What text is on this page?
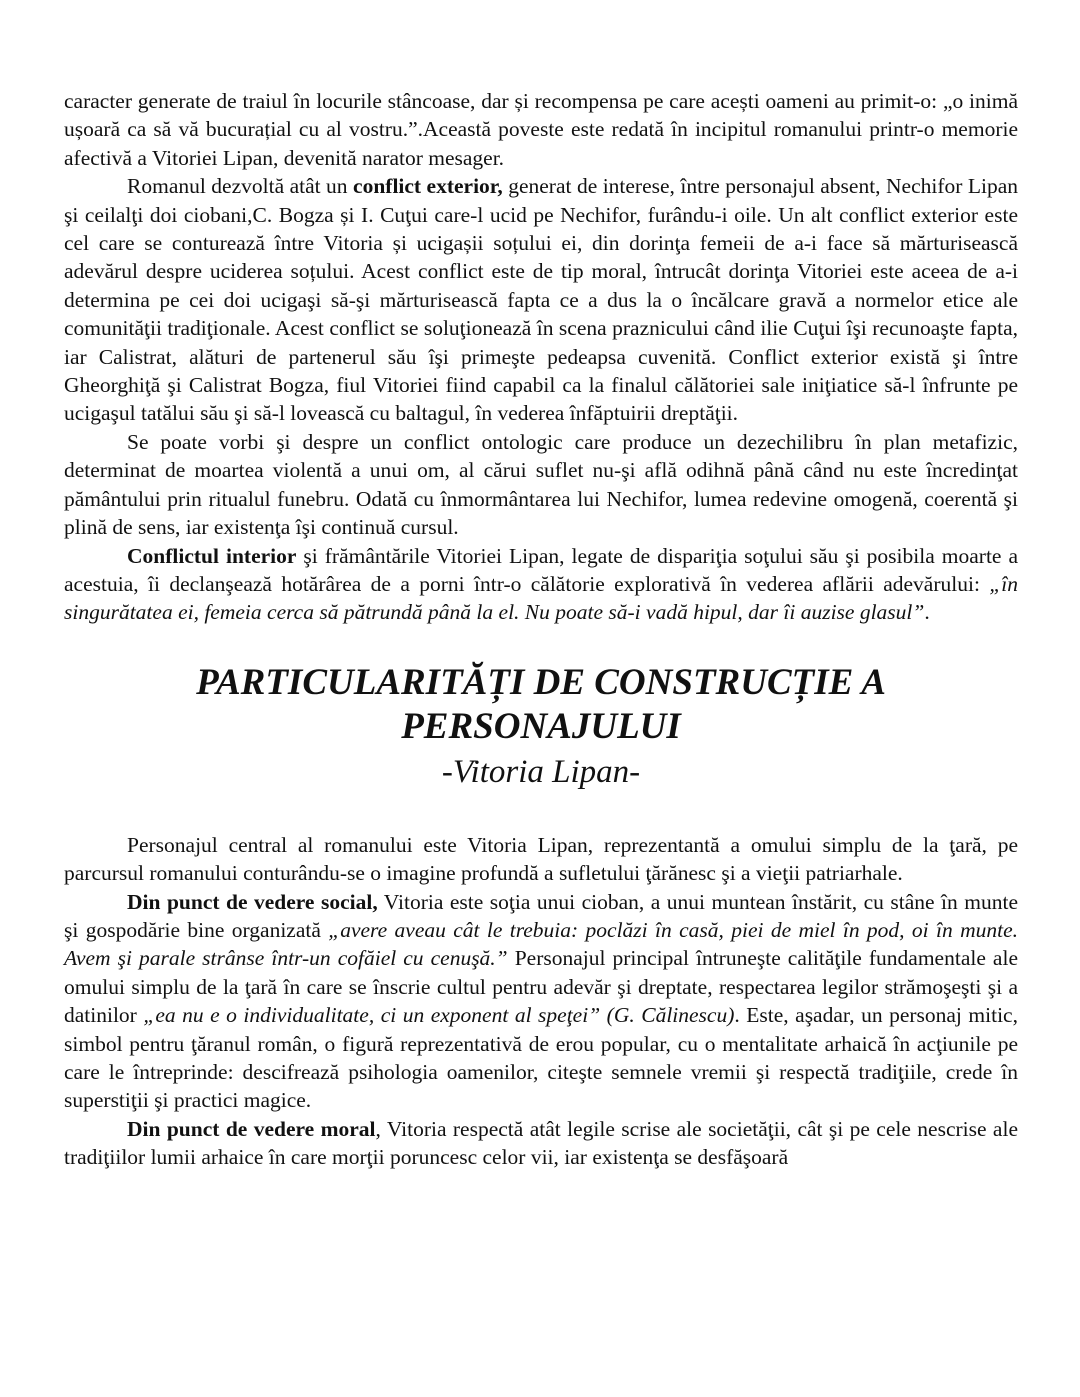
caracter generate de traiul în locurile stâncoase, dar și recompensa pe care acești oameni au primit-o: „o inimă ușoară ca să vă bucurațial cu al vostru.”.Această poveste este redată în incipitul romanului printr-o memorie afectivă a Vitoriei Lipan, devenită narator mesager.

Romanul dezvoltă atât un conflict exterior, generat de interese, între personajul absent, Nechifor Lipan şi ceilalţi doi ciobani,C. Bogza și I. Cuţui care-l ucid pe Nechifor, furându-i oile. Un alt conflict exterior este cel care se conturează între Vitoria și ucigașii soțului ei, din dorinţa femeii de a-i face să mărturisească adevărul despre uciderea soțului. Acest conflict este de tip moral, întrucât dorinţa Vitoriei este aceea de a-i determina pe cei doi ucigaşi să-şi mărturisească fapta ce a dus la o încălcare gravă a normelor etice ale comunităţii tradiţionale. Acest conflict se soluţionează în scena praznicului când ilie Cuţui îşi recunoaşte fapta, iar Calistrat, alături de partenerul său îşi primeşte pedeapsa cuvenită. Conflict exterior există şi între Gheorghiţă şi Calistrat Bogza, fiul Vitoriei fiind capabil ca la finalul călătoriei sale iniţiatice să-l înfrunte pe ucigaşul tatălui său şi să-l lovească cu baltagul, în vederea înfăptuirii dreptăţii.

Se poate vorbi şi despre un conflict ontologic care produce un dezechilibru în plan metafizic, determinat de moartea violentă a unui om, al cărui suflet nu-şi află odihnă până când nu este încredinţat pământului prin ritualul funebru. Odată cu înmormântarea lui Nechifor, lumea redevine omogenă, coerentă şi plină de sens, iar existenţa îşi continuă cursul.

Conflictul interior şi frământările Vitoriei Lipan, legate de dispariţia soţului său şi posibila moarte a acestuia, îi declanşează hotărârea de a porni într-o călătorie explorativă în vederea aflării adevărului: „în singurătatea ei, femeia cerca să pătrundă până la el. Nu poate să-i vadă hipul, dar îi auzise glasul”.

PARTICULARITĂȚI DE CONSTRUCȚIE A

PERSONAJULUI

-Vitoria Lipan-

Personajul central al romanului este Vitoria Lipan, reprezentantă a omului simplu de la ţară, pe parcursul romanului conturându-se o imagine profundă a sufletului ţărănesc şi a vieţii patriarhale.

Din punct de vedere social, Vitoria este soţia unui cioban, a unui muntean înstărit, cu stâne în munte şi gospodărie bine organizată „avere aveau cât le trebuia: poclăzi în casă, piei de miel în pod, oi în munte. Avem şi parale strânse într-un cofăiel cu cenuşă.” Personajul principal întruneşte calităţile fundamentale ale omului simplu de la ţară în care se înscrie cultul pentru adevăr şi dreptate, respectarea legilor strămoşeşti şi a datinilor „ea nu e o individualitate, ci un exponent al speţei” (G. Călinescu). Este, aşadar, un personaj mitic, simbol pentru ţăranul român, o figură reprezentativă de erou popular, cu o mentalitate arhaică în acţiunile pe care le întreprinde: descifrează psihologia oamenilor, citeşte semnele vremii şi respectă tradiţiile, crede în superstiţii şi practici magice.

Din punct de vedere moral, Vitoria respectă atât legile scrise ale societăţii, cât şi pe cele nescrise ale tradiţiilor lumii arhaice în care morţii poruncesc celor vii, iar existenţa se desfăşoară
